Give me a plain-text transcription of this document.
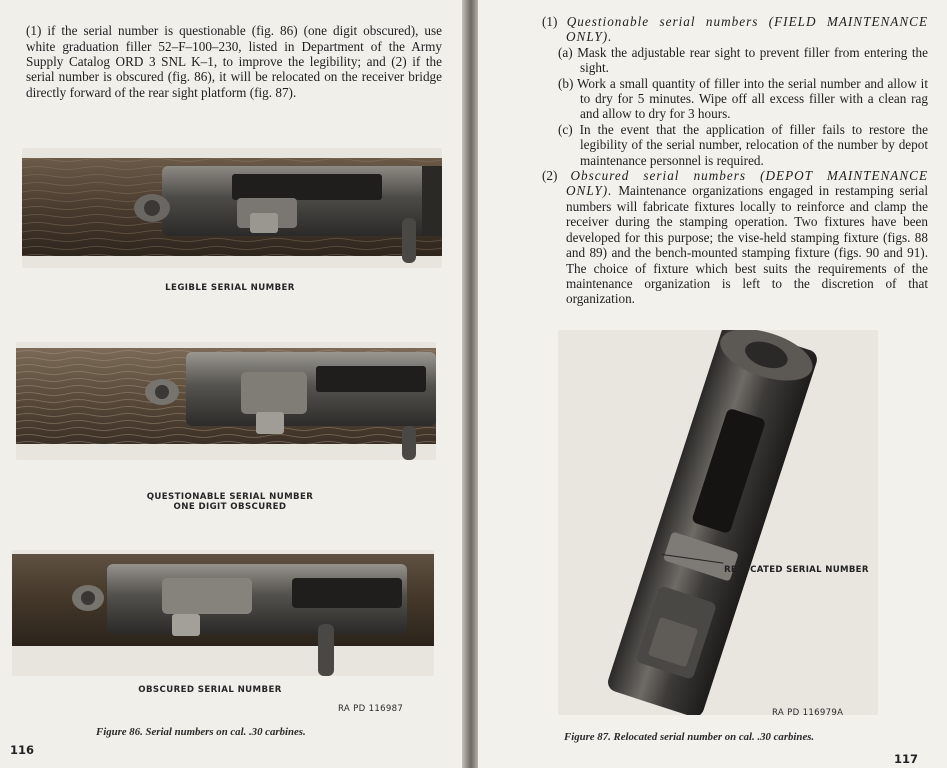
(1) if the serial number is questionable (fig. 86) (one digit obscured), use white graduation filler 52–F–100–230, listed in Department of the Army Supply Catalog ORD 3 SNL K–1, to improve the legibility; and (2) if the serial number is obscured (fig. 86), it will be relocated on the receiver bridge directly forward of the rear sight platform (fig. 87).

LEGIBLE SERIAL NUMBER
QUESTIONABLE SERIAL NUMBER
ONE DIGIT OBSCURED
OBSCURED SERIAL NUMBER
RA PD 116987
Figure 86. Serial numbers on cal. .30 carbines.
116

(1) Questionable serial numbers (FIELD MAINTENANCE ONLY).

(a) Mask the adjustable rear sight to prevent filler from entering the sight.

(b) Work a small quantity of filler into the serial number and allow it to dry for 5 minutes. Wipe off all excess filler with a clean rag and allow to dry for 3 hours.

(c) In the event that the application of filler fails to restore the legibility of the serial number, relocation of the number by depot maintenance personnel is required.

(2) Obscured serial numbers (DEPOT MAINTENANCE ONLY). Maintenance organizations engaged in restamping serial numbers will fabricate fixtures locally to reinforce and clamp the receiver during the stamping operation. Two fixtures have been developed for this purpose; the vise-held stamping fixture (figs. 88 and 89) and the bench-mounted stamping fixture (figs. 90 and 91). The choice of fixture which best suits the requirements of the maintenance organization is left to the discretion of that organization.

RELOCATED SERIAL NUMBER
RA PD 116979A
Figure 87. Relocated serial number on cal. .30 carbines.
117
